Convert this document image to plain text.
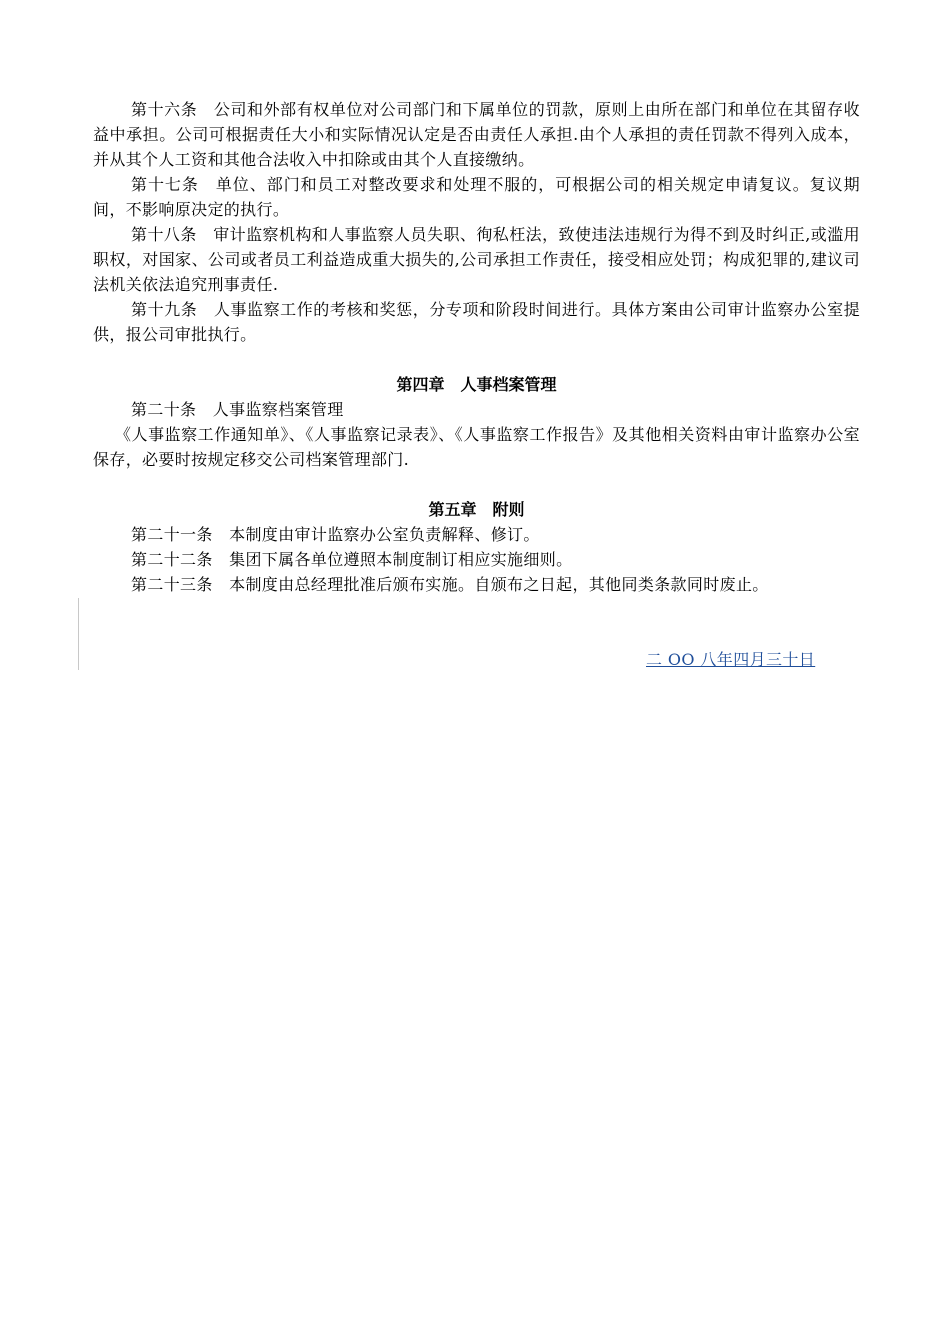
第十六条　公司和外部有权单位对公司部门和下属单位的罚款，原则上由所在部门和单位在其留存收益中承担。公司可根据责任大小和实际情况认定是否由责任人承担.由个人承担的责任罚款不得列入成本，并从其个人工资和其他合法收入中扣除或由其个人直接缴纳。

第十七条　单位、部门和员工对整改要求和处理不服的，可根据公司的相关规定申请复议。复议期间，不影响原决定的执行。

第十八条　审计监察机构和人事监察人员失职、徇私枉法，致使违法违规行为得不到及时纠正,或滥用职权，对国家、公司或者员工利益造成重大损失的,公司承担工作责任，接受相应处罚；构成犯罪的,建议司法机关依法追究刑事责任.

第十九条　人事监察工作的考核和奖惩，分专项和阶段时间进行。具体方案由公司审计监察办公室提供，报公司审批执行。

第四章　人事档案管理

第二十条　人事监察档案管理

《人事监察工作通知单》、《人事监察记录表》、《人事监察工作报告》及其他相关资料由审计监察办公室保存，必要时按规定移交公司档案管理部门.

第五章　附则

第二十一条　本制度由审计监察办公室负责解释、修订。

第二十二条　集团下属各单位遵照本制度制订相应实施细则。

第二十三条　本制度由总经理批准后颁布实施。自颁布之日起，其他同类条款同时废止。

二 OO 八年四月三十日
